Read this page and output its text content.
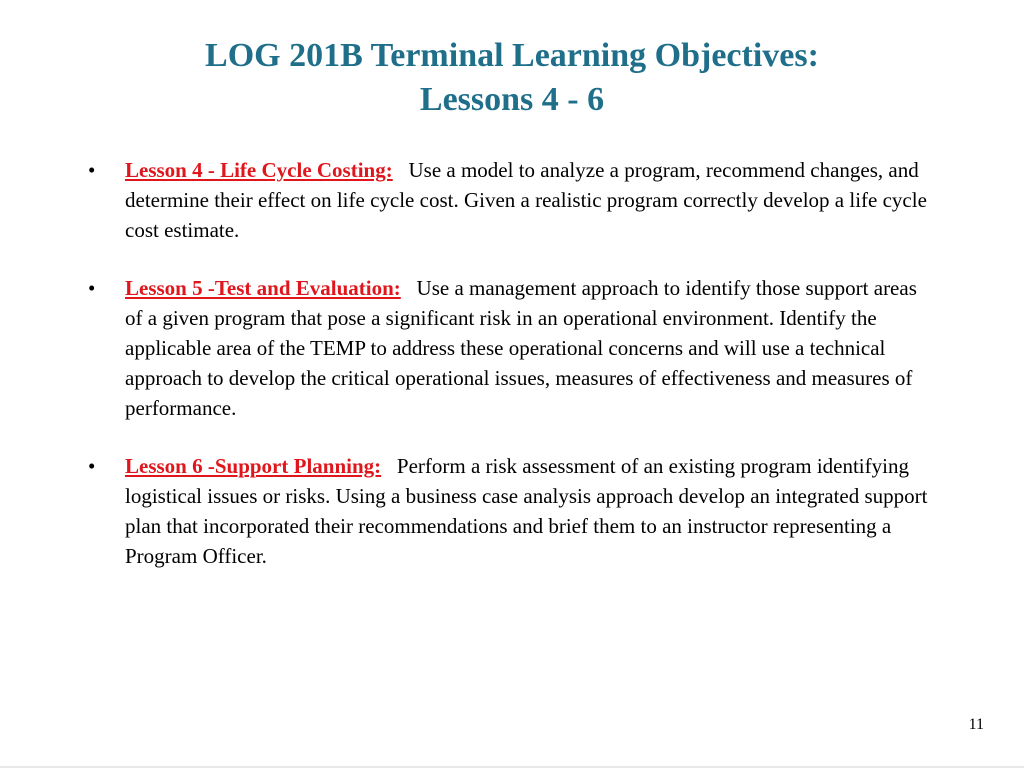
LOG 201B Terminal Learning Objectives:
Lessons 4 - 6
•	Lesson 4 - Life Cycle Costing: Use a model to analyze a program, recommend changes, and determine their effect on life cycle cost. Given a realistic program correctly develop a life cycle cost estimate.
•	Lesson 5 -Test and Evaluation: Use a management approach to identify those support areas of a given program that pose a significant risk in an operational environment. Identify the applicable area of the TEMP to address these operational concerns and will use a technical approach to develop the critical operational issues, measures of effectiveness and measures of performance.
•	Lesson 6 -Support Planning: Perform a risk assessment of an existing program identifying logistical issues or risks. Using a business case analysis approach develop an integrated support plan that incorporated their recommendations and brief them to an instructor representing a Program Officer.
11
